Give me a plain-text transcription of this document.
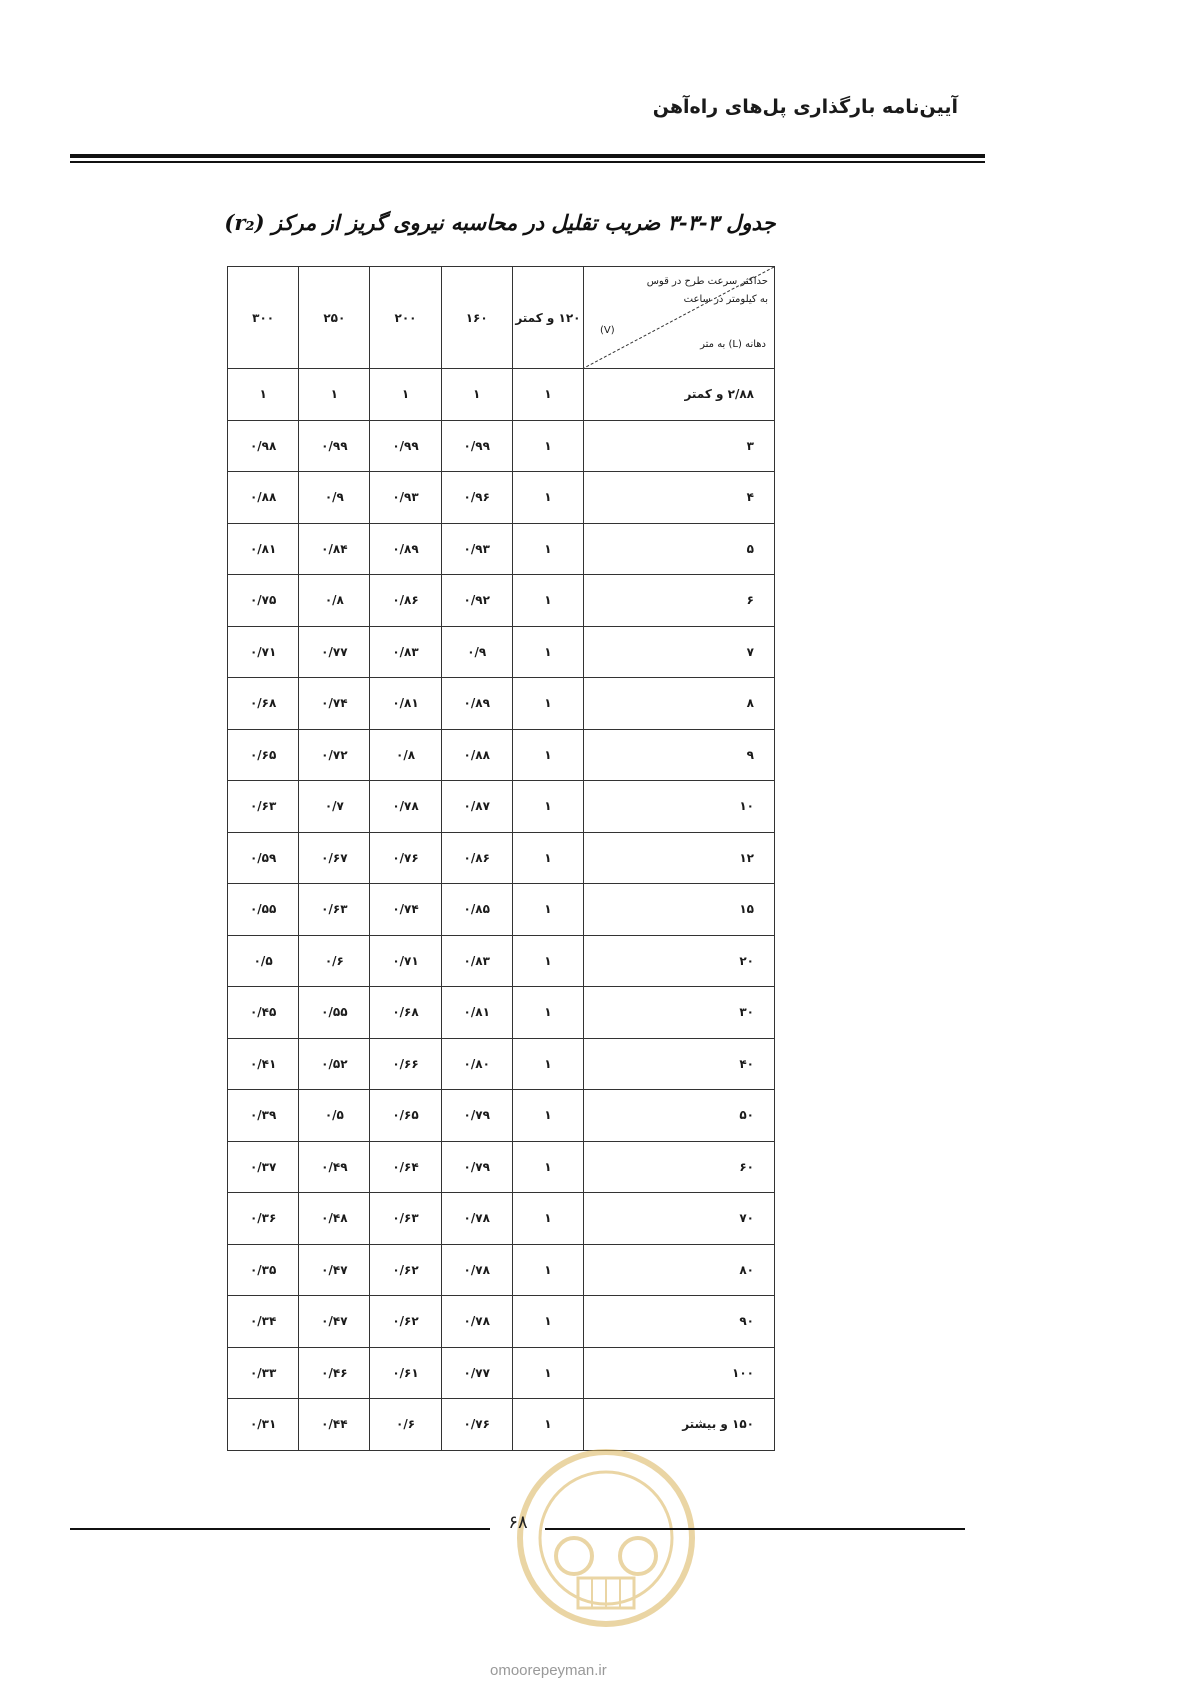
آیین‌نامه بارگذاری پل‌های راه‌آهن
جدول ۳-۳-۳ ضریب تقلیل در محاسبه نیروی گریز از مرکز (r₂)
حداکثر سرعت طرح در قوس
به کیلومتر در ساعت
(V)
دهانه (L) به متر	۱۲۰ و کمتر	۱۶۰	۲۰۰	۲۵۰	۳۰۰
۲/۸۸ و کمتر	۱	۱	۱	۱	۱
۳	۱	۰/۹۹	۰/۹۹	۰/۹۹	۰/۹۸
۴	۱	۰/۹۶	۰/۹۳	۰/۹	۰/۸۸
۵	۱	۰/۹۳	۰/۸۹	۰/۸۴	۰/۸۱
۶	۱	۰/۹۲	۰/۸۶	۰/۸	۰/۷۵
۷	۱	۰/۹	۰/۸۳	۰/۷۷	۰/۷۱
۸	۱	۰/۸۹	۰/۸۱	۰/۷۴	۰/۶۸
۹	۱	۰/۸۸	۰/۸	۰/۷۲	۰/۶۵
۱۰	۱	۰/۸۷	۰/۷۸	۰/۷	۰/۶۳
۱۲	۱	۰/۸۶	۰/۷۶	۰/۶۷	۰/۵۹
۱۵	۱	۰/۸۵	۰/۷۴	۰/۶۳	۰/۵۵
۲۰	۱	۰/۸۳	۰/۷۱	۰/۶	۰/۵
۳۰	۱	۰/۸۱	۰/۶۸	۰/۵۵	۰/۴۵
۴۰	۱	۰/۸۰	۰/۶۶	۰/۵۲	۰/۴۱
۵۰	۱	۰/۷۹	۰/۶۵	۰/۵	۰/۳۹
۶۰	۱	۰/۷۹	۰/۶۴	۰/۴۹	۰/۳۷
۷۰	۱	۰/۷۸	۰/۶۳	۰/۴۸	۰/۳۶
۸۰	۱	۰/۷۸	۰/۶۲	۰/۴۷	۰/۳۵
۹۰	۱	۰/۷۸	۰/۶۲	۰/۴۷	۰/۳۴
۱۰۰	۱	۰/۷۷	۰/۶۱	۰/۴۶	۰/۳۳
۱۵۰ و بیشتر	۱	۰/۷۶	۰/۶	۰/۴۴	۰/۳۱
۶۸
omoorepeyman.ir
